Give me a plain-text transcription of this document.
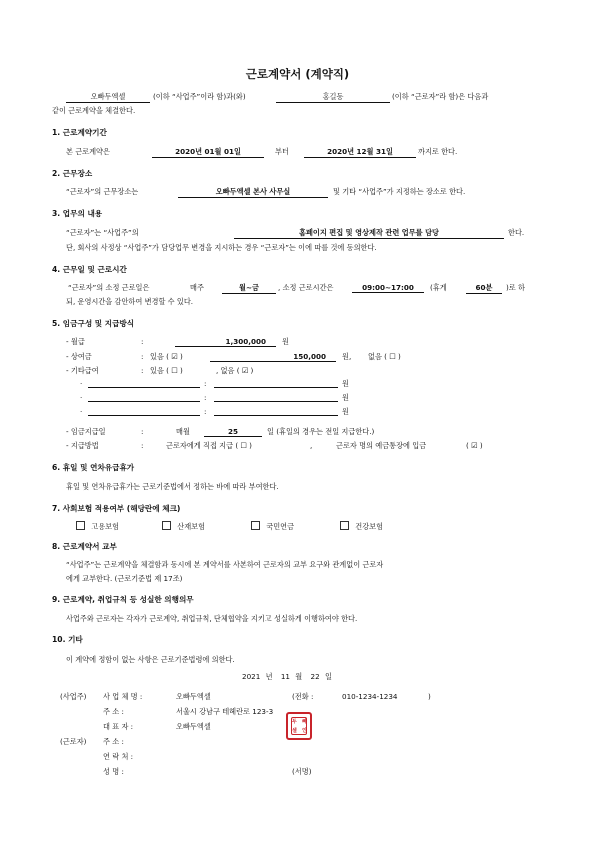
근로계약서 (계약직)
오빠두엑셀	(이하 “사업주”이라 함)과(와)	홍길동	(이하 “근로자”라 함)은 다음과
같이 근로계약을 체결한다.
1. 근로계약기간
본 근로계약은	2020년 01월 01일	부터	2020년 12월 31일	까지로 한다.
2. 근무장소
“근로자”의 근무장소는	오빠두엑셀 본사 사무실	및 기타 “사업주”가 지정하는 장소로 한다.
3. 업무의 내용
“근로자”는 “사업주”의	홈페이지 편집 및 영상제작 관련 업무를 담당	한다.
단, 회사의 사정상 “사업주”가 담당업무 변경을 지시하는 경우 “근로자”는 이에 따를 것에 동의한다.
4. 근무일 및 근로시간
“근로자”의 소정 근로일은	매주	월~금	, 소정 근로시간은	09:00~17:00	(휴게	60분	)로 하
되, 운영시간을 감안하여 변경할 수 있다.
5. 임금구성 및 지급방식
- 월급	:	1,300,000	원
- 상여금	: 있음 ( ☑ )	150,000	원, 없음 ( ☐ )
- 기타급여	: 있음 ( ☐ )	, 없음 ( ☑ )
·	:	원
·	:	원
·	:	원
- 임금지급일	:	매월	25	일 (휴일의 경우는 전일 지급한다.)
- 지급방법	:	근로자에게 직접 지급 ( ☐ )	,	근로자 명의 예금통장에 입금	( ☑ )
6. 휴일 및 연차유급휴가
휴일 및 연차유급휴가는 근로기준법에서 정하는 바에 따라 부여한다.
7. 사회보험 적용여부 (해당란에 체크)
고용보험	산재보험	국민연금	건강보험
8. 근로계약서 교부
“사업주”는 근로계약을 체결함과 동시에 본 계약서를 사본하여 근로자의 교부 요구와 관계없이 근로자
에게 교부한다. (근로기준법 제 17조)
9. 근로계약, 취업규칙 등 성실한 의행의무
사업주와 근로자는 각자가 근로계약, 취업규칙, 단체협약을 지키고 성실하게 이행하여야 한다.
10. 기타
이 계약에 정함이 없는 사항은 근로기준법령에 의한다.
2021 년 11 월 22 일
(사업주) 사 업 체 명 :	오빠두엑셀	(전화 :	010-1234-1234	)
주 소 :	서울시 강남구 테헤란로 123-3
대 표 자 :	오빠두엑셀	두 빠
셀 인
(근로자) 주 소 :
연 락 처 :
성 명 :	(서명)
